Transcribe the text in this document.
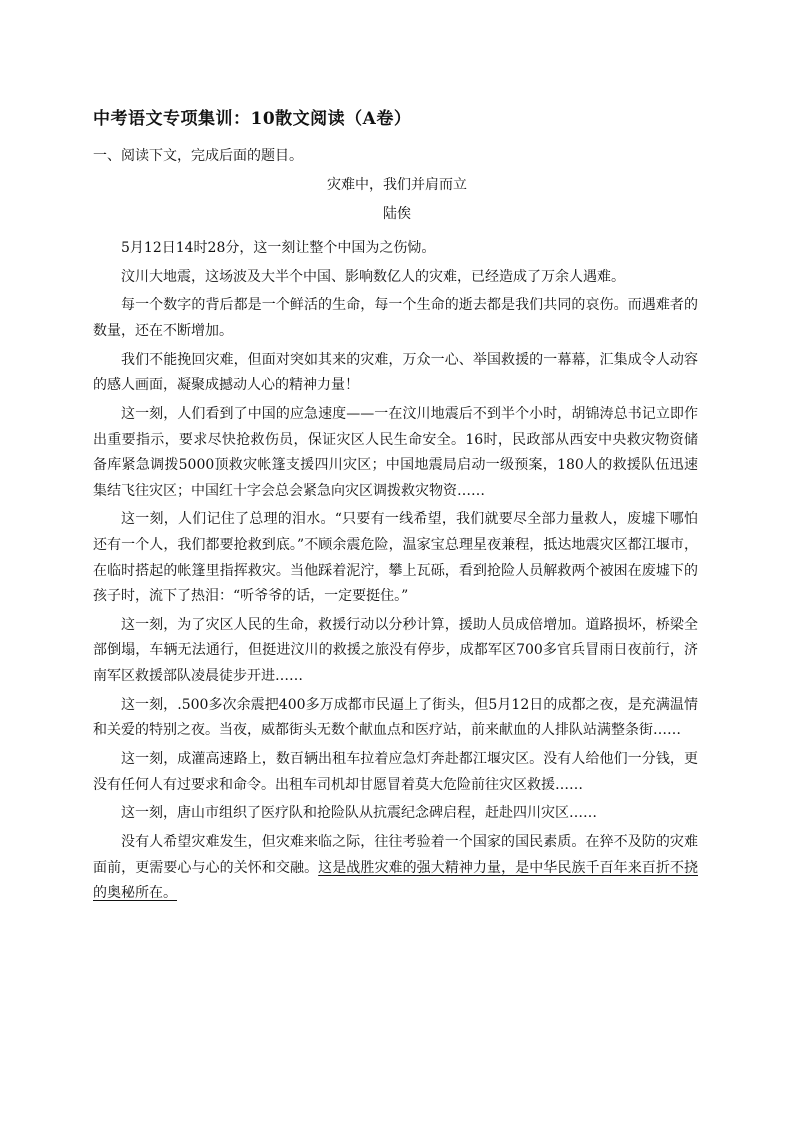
中考语文专项集训：10散文阅读（A卷）
一、阅读下文，完成后面的题目。
灾难中，我们并肩而立
陆俟

5月12日14时28分，这一刻让整个中国为之伤恸。

汶川大地震，这场波及大半个中国、影响数亿人的灾难，已经造成了万余人遇难。

每一个数字的背后都是一个鲜活的生命，每一个生命的逝去都是我们共同的哀伤。而遇难者的数量，还在不断增加。

我们不能挽回灾难，但面对突如其来的灾难，万众一心、举国救援的一幕幕，汇集成令人动容的感人画面，凝聚成撼动人心的精神力量！

这一刻，人们看到了中国的应急速度——一在汶川地震后不到半个小时，胡锦涛总书记立即作出重要指示，要求尽快抢救伤员，保证灾区人民生命安全。16时，民政部从西安中央救灾物资储备库紧急调拨5000顶救灾帐篷支援四川灾区；中国地震局启动一级预案，180人的救援队伍迅速集结飞往灾区；中国红十字会总会紧急向灾区调拨救灾物资……

这一刻，人们记住了总理的泪水。“只要有一线希望，我们就要尽全部力量救人，废墟下哪怕还有一个人，我们都要抢救到底。”不顾余震危险，温家宝总理星夜兼程，抵达地震灾区都江堰市，在临时搭起的帐篷里指挥救灾。当他踩着泥泞，攀上瓦砾，看到抢险人员解救两个被困在废墟下的孩子时，流下了热泪：“听爷爷的话，一定要挺住。”

这一刻，为了灾区人民的生命，救援行动以分秒计算，援助人员成倍增加。道路损坏，桥梁全部倒塌，车辆无法通行，但挺进汶川的救援之旅没有停步，成都军区700多官兵冒雨日夜前行，济南军区救援部队凌晨徒步开进……

这一刻，.500多次余震把400多万成都市民逼上了街头，但5月12日的成都之夜，是充满温情和关爱的特别之夜。当夜，威都街头无数个献血点和医疗站，前来献血的人排队站满整条街……

这一刻，成灌高速路上，数百辆出租车拉着应急灯奔赴都江堰灾区。没有人给他们一分钱，更没有任何人有过要求和命令。出租车司机却甘愿冒着莫大危险前往灾区救援……

这一刻，唐山市组织了医疗队和抢险队从抗震纪念碑启程，赶赴四川灾区……

没有人希望灾难发生，但灾难来临之际，往往考验着一个国家的国民素质。在猝不及防的灾难面前，更需要心与心的关怀和交融。这是战胜灾难的强大精神力量，是中华民族千百年来百折不挠的奥秘所在。
